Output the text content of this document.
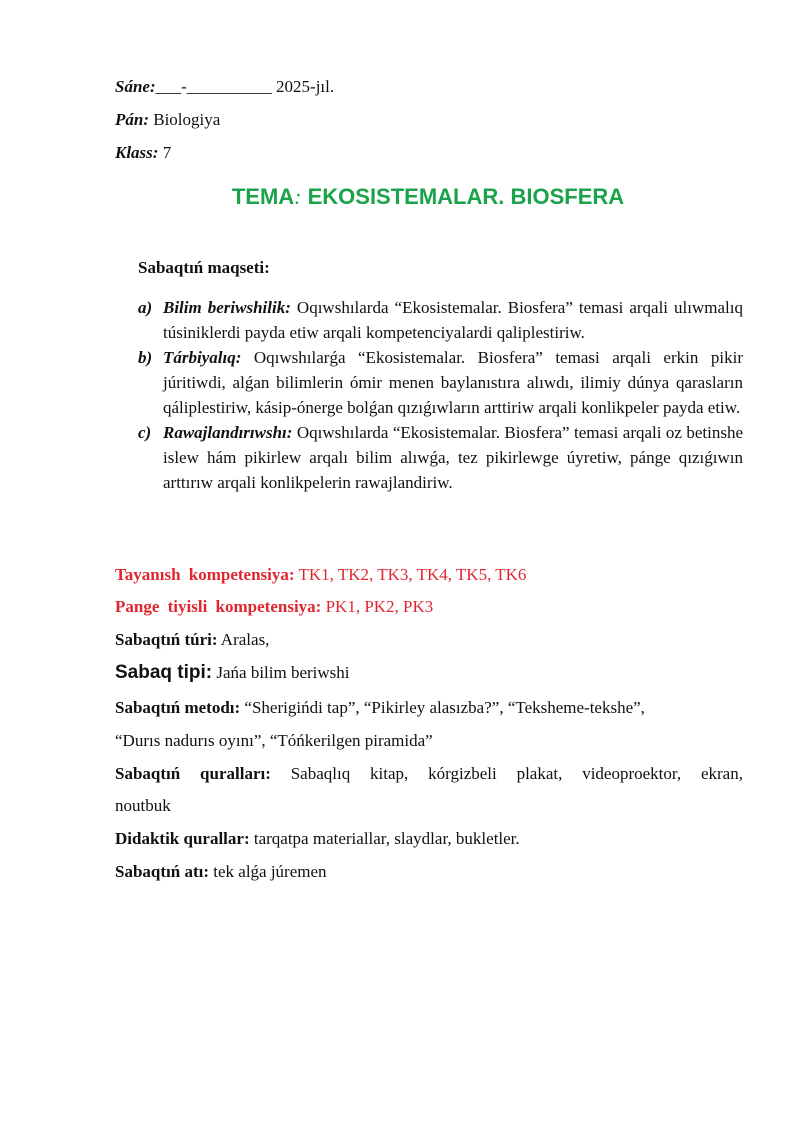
Sáne:___-__________ 2025-jıl.
Pán: Biologiya
Klass: 7
TEMA: EKOSISTEMALAR. BIOSFERA
Sabaqtıń maqseti:
a) Bilim beriwshilik: Oqıwshılarda “Ekosistemalar. Biosfera” temasi arqali ulıwmalıq túsiniklerdi payda etiw arqali kompetenciyalardi qaliplestiriw.
b) Tárbiyalıq: Oqıwshılarǵa “Ekosistemalar. Biosfera” temasi arqali erkin pikir júritiwdi, alǵan bilimlerin ómir menen baylanıstıra alıwdı, ilimiy dúnya qarasların qáliplestiriw, kásip-ónerge bolǵan qızıǵıwların arttiriw arqali konlikpeler payda etiw.
c) Rawajlandırıwshı: Oqıwshılarda “Ekosistemalar. Biosfera” temasi arqali oz betinshe islew hám pikirlew arqalı bilim alıwǵa, tez pikirlewge úyretiw, pánge qızıǵıwın arttırıw arqali konlikpelerin rawajlandiriw.
Tayanısh kompetensiya: TK1, TK2, TK3, TK4, TK5, TK6
Pange tiyisli kompetensiya: PK1, PK2, PK3
Sabaqtıń túri: Aralas,
Sabaq tipi: Jańa bilim beriwshi
Sabaqtıń metodı: “Sherigińdi tap”, “Pikirley alasızba?”, “Teksheme-tekshe”,
“Durıs nadurıs oyını”, “Tóńkerilgen piramida”
Sabaqtıń quralları: Sabaqlıq kitap, kórgizbeli plakat, videoproektor, ekran,
noutbuk
Didaktik qurallar: tarqatpa materiallar, slaydlar, bukletler.
Sabaqtıń atı: tek alǵa júremen
